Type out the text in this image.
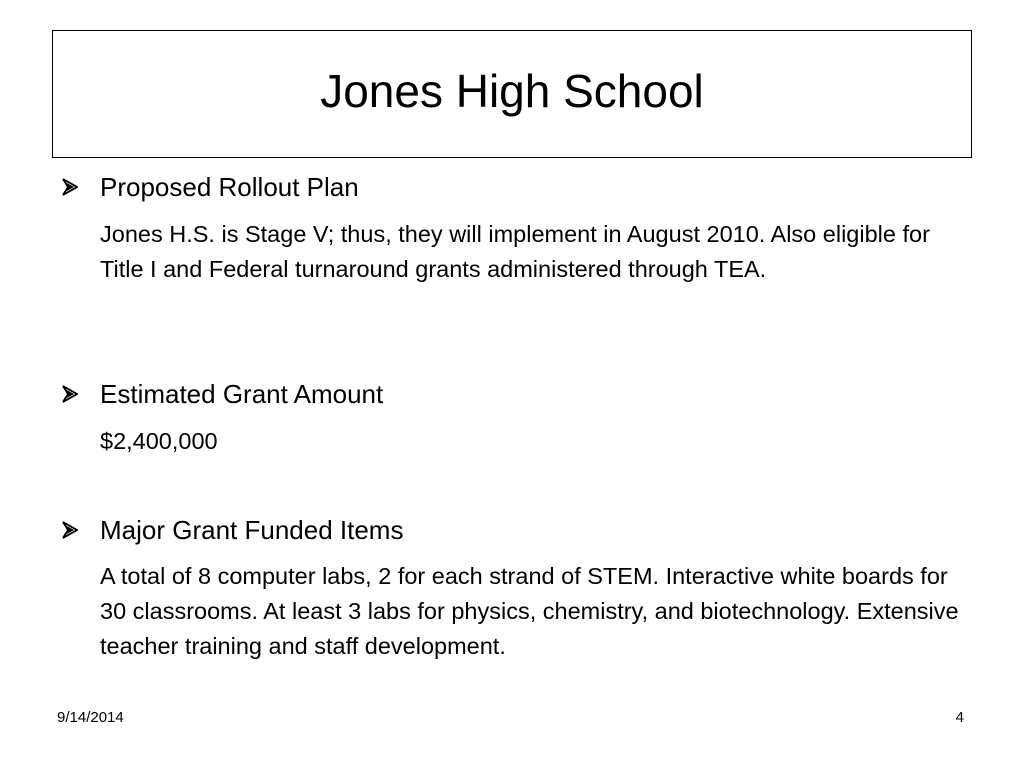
Jones High School
Proposed Rollout Plan
Jones H.S. is Stage V; thus, they will implement in August 2010. Also eligible for Title I and Federal turnaround grants administered through TEA.
Estimated Grant Amount
$2,400,000
Major Grant Funded Items
A total of 8 computer labs, 2 for each strand of STEM. Interactive white boards for 30 classrooms. At least 3 labs for physics, chemistry, and biotechnology. Extensive teacher training and staff development.
9/14/2014	4
